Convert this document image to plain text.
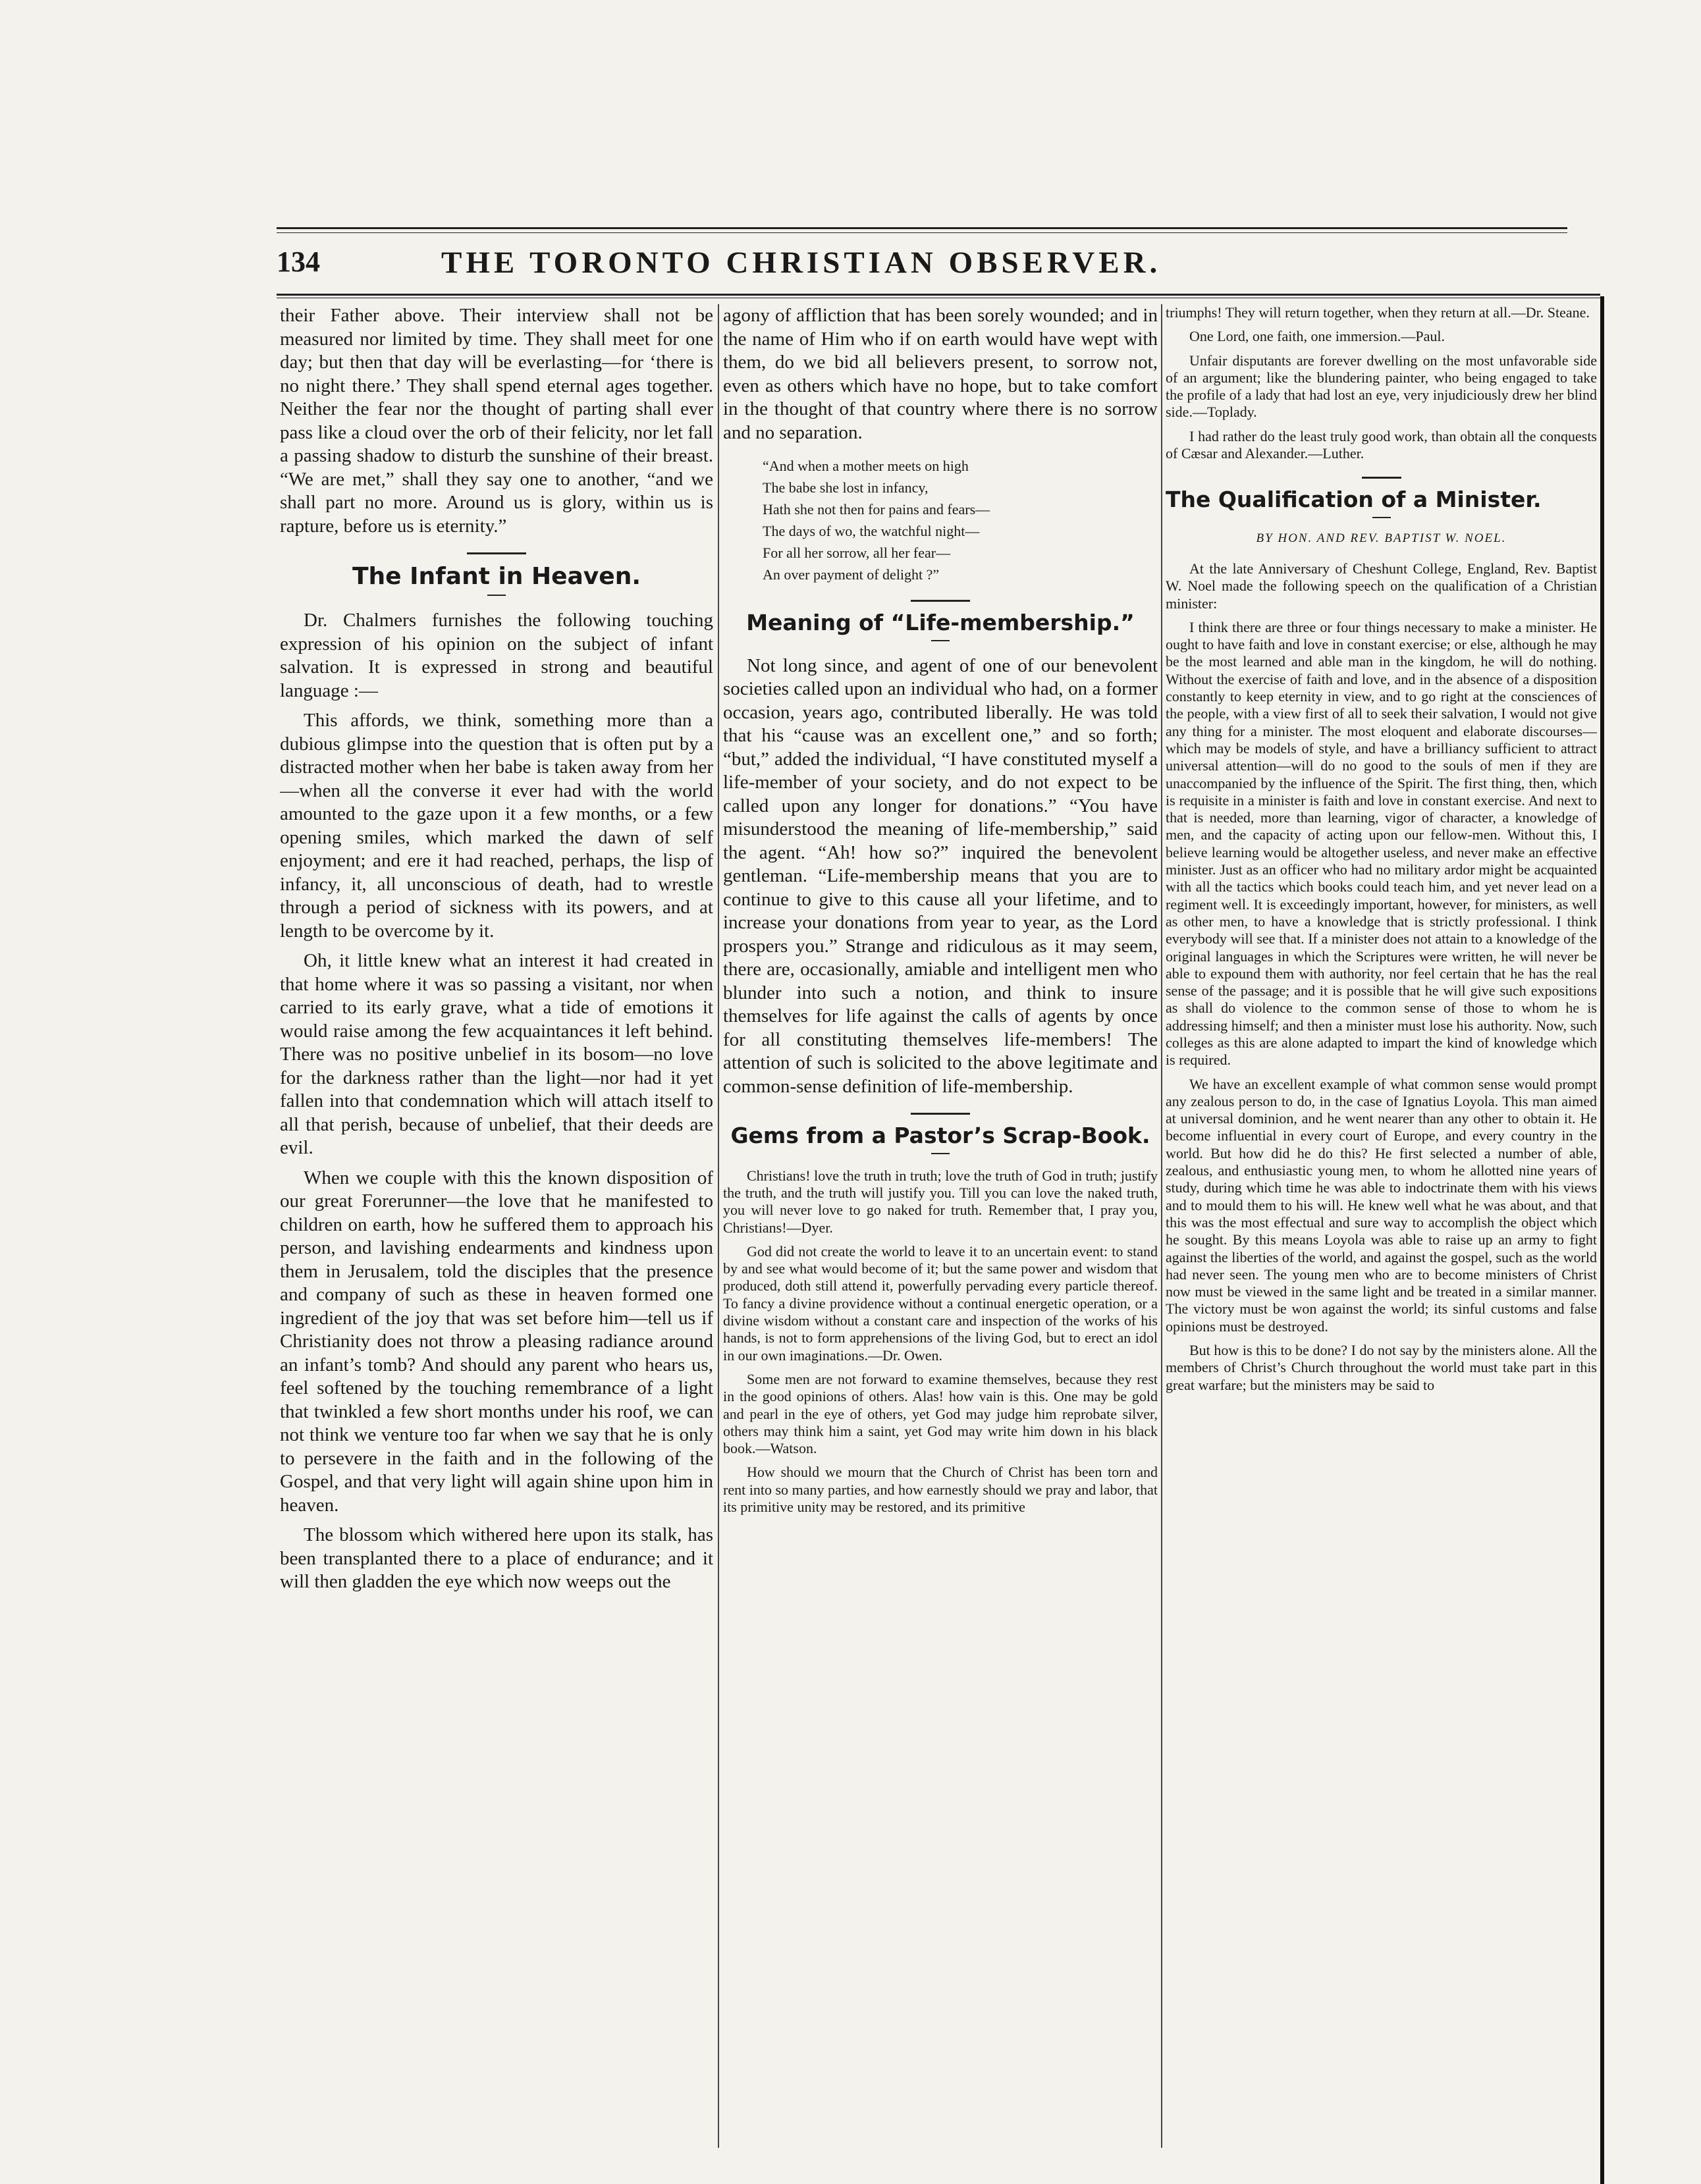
134	THE TORONTO CHRISTIAN OBSERVER.

their Father above. Their interview shall not be measured nor limited by time. They shall meet for one day; but then that day will be everlasting—for ‘there is no night there.’ They shall spend eternal ages together. Neither the fear nor the thought of parting shall ever pass like a cloud over the orb of their felicity, nor let fall a passing shadow to disturb the sunshine of their breast. “We are met,” shall they say one to another, “and we shall part no more. Around us is glory, within us is rapture, before us is eternity.”

The Infant in Heaven.

Dr. Chalmers furnishes the following touching expression of his opinion on the subject of infant salvation. It is expressed in strong and beautiful language :—

This affords, we think, something more than a dubious glimpse into the question that is often put by a distracted mother when her babe is taken away from her—when all the converse it ever had with the world amounted to the gaze upon it a few months, or a few opening smiles, which marked the dawn of self enjoyment; and ere it had reached, perhaps, the lisp of infancy, it, all unconscious of death, had to wrestle through a period of sickness with its powers, and at length to be overcome by it.

Oh, it little knew what an interest it had created in that home where it was so passing a visitant, nor when carried to its early grave, what a tide of emotions it would raise among the few acquaintances it left behind. There was no positive unbelief in its bosom—no love for the darkness rather than the light—nor had it yet fallen into that condemnation which will attach itself to all that perish, because of unbelief, that their deeds are evil.

When we couple with this the known disposition of our great Forerunner—the love that he manifested to children on earth, how he suffered them to approach his person, and lavishing endearments and kindness upon them in Jerusalem, told the disciples that the presence and company of such as these in heaven formed one ingredient of the joy that was set before him—tell us if Christianity does not throw a pleasing radiance around an infant’s tomb? And should any parent who hears us, feel softened by the touching remembrance of a light that twinkled a few short months under his roof, we can not think we venture too far when we say that he is only to persevere in the faith and in the following of the Gospel, and that very light will again shine upon him in heaven.

The blossom which withered here upon its stalk, has been transplanted there to a place of endurance; and it will then gladden the eye which now weeps out the

agony of affliction that has been sorely wounded; and in the name of Him who if on earth would have wept with them, do we bid all believers present, to sorrow not, even as others which have no hope, but to take comfort in the thought of that country where there is no sorrow and no separation.

“And when a mother meets on high
The babe she lost in infancy,
Hath she not then for pains and fears—
The days of wo, the watchful night—
For all her sorrow, all her fear—
An over payment of delight ?”
Meaning of “Life-membership.”

Not long since, and agent of one of our benevolent societies called upon an individual who had, on a former occasion, years ago, contributed liberally. He was told that his “cause was an excellent one,” and so forth; “but,” added the individual, “I have constituted myself a life-member of your society, and do not expect to be called upon any longer for donations.” “You have misunderstood the meaning of life-membership,” said the agent. “Ah! how so?” inquired the benevolent gentleman. “Life-membership means that you are to continue to give to this cause all your lifetime, and to increase your donations from year to year, as the Lord prospers you.” Strange and ridiculous as it may seem, there are, occasionally, amiable and intelligent men who blunder into such a notion, and think to insure themselves for life against the calls of agents by once for all constituting themselves life-members! The attention of such is solicited to the above legitimate and common-sense definition of life-membership.

Gems from a Pastor’s Scrap-Book.

Christians! love the truth in truth; love the truth of God in truth; justify the truth, and the truth will justify you. Till you can love the naked truth, you will never love to go naked for truth. Remember that, I pray you, Christians!—Dyer.

God did not create the world to leave it to an uncertain event: to stand by and see what would become of it; but the same power and wisdom that produced, doth still attend it, powerfully pervading every particle thereof. To fancy a divine providence without a continual energetic operation, or a divine wisdom without a constant care and inspection of the works of his hands, is not to form apprehensions of the living God, but to erect an idol in our own imaginations.—Dr. Owen.

Some men are not forward to examine themselves, because they rest in the good opinions of others. Alas! how vain is this. One may be gold and pearl in the eye of others, yet God may judge him reprobate silver, others may think him a saint, yet God may write him down in his black book.—Watson.

How should we mourn that the Church of Christ has been torn and rent into so many parties, and how earnestly should we pray and labor, that its primitive unity may be restored, and its primitive

triumphs! They will return together, when they return at all.—Dr. Steane.

One Lord, one faith, one immersion.—Paul.

Unfair disputants are forever dwelling on the most unfavorable side of an argument; like the blundering painter, who being engaged to take the profile of a lady that had lost an eye, very injudiciously drew her blind side.—Toplady.

I had rather do the least truly good work, than obtain all the conquests of Cæsar and Alexander.—Luther.

The Qualification of a Minister.
BY HON. AND REV. BAPTIST W. NOEL.

At the late Anniversary of Cheshunt College, England, Rev. Baptist W. Noel made the following speech on the qualification of a Christian minister:

I think there are three or four things necessary to make a minister. He ought to have faith and love in constant exercise; or else, although he may be the most learned and able man in the kingdom, he will do nothing. Without the exercise of faith and love, and in the absence of a disposition constantly to keep eternity in view, and to go right at the consciences of the people, with a view first of all to seek their salvation, I would not give any thing for a minister. The most eloquent and elaborate discourses—which may be models of style, and have a brilliancy sufficient to attract universal attention—will do no good to the souls of men if they are unaccompanied by the influence of the Spirit. The first thing, then, which is requisite in a minister is faith and love in constant exercise. And next to that is needed, more than learning, vigor of character, a knowledge of men, and the capacity of acting upon our fellow-men. Without this, I believe learning would be altogether useless, and never make an effective minister. Just as an officer who had no military ardor might be acquainted with all the tactics which books could teach him, and yet never lead on a regiment well. It is exceedingly important, however, for ministers, as well as other men, to have a knowledge that is strictly professional. I think everybody will see that. If a minister does not attain to a knowledge of the original languages in which the Scriptures were written, he will never be able to expound them with authority, nor feel certain that he has the real sense of the passage; and it is possible that he will give such expositions as shall do violence to the common sense of those to whom he is addressing himself; and then a minister must lose his authority. Now, such colleges as this are alone adapted to impart the kind of knowledge which is required.

We have an excellent example of what common sense would prompt any zealous person to do, in the case of Ignatius Loyola. This man aimed at universal dominion, and he went nearer than any other to obtain it. He become influential in every court of Europe, and every country in the world. But how did he do this? He first selected a number of able, zealous, and enthusiastic young men, to whom he allotted nine years of study, during which time he was able to indoctrinate them with his views and to mould them to his will. He knew well what he was about, and that this was the most effectual and sure way to accomplish the object which he sought. By this means Loyola was able to raise up an army to fight against the liberties of the world, and against the gospel, such as the world had never seen. The young men who are to become ministers of Christ now must be viewed in the same light and be treated in a similar manner. The victory must be won against the world; its sinful customs and false opinions must be destroyed.

But how is this to be done? I do not say by the ministers alone. All the members of Christ’s Church throughout the world must take part in this great warfare; but the ministers may be said to
